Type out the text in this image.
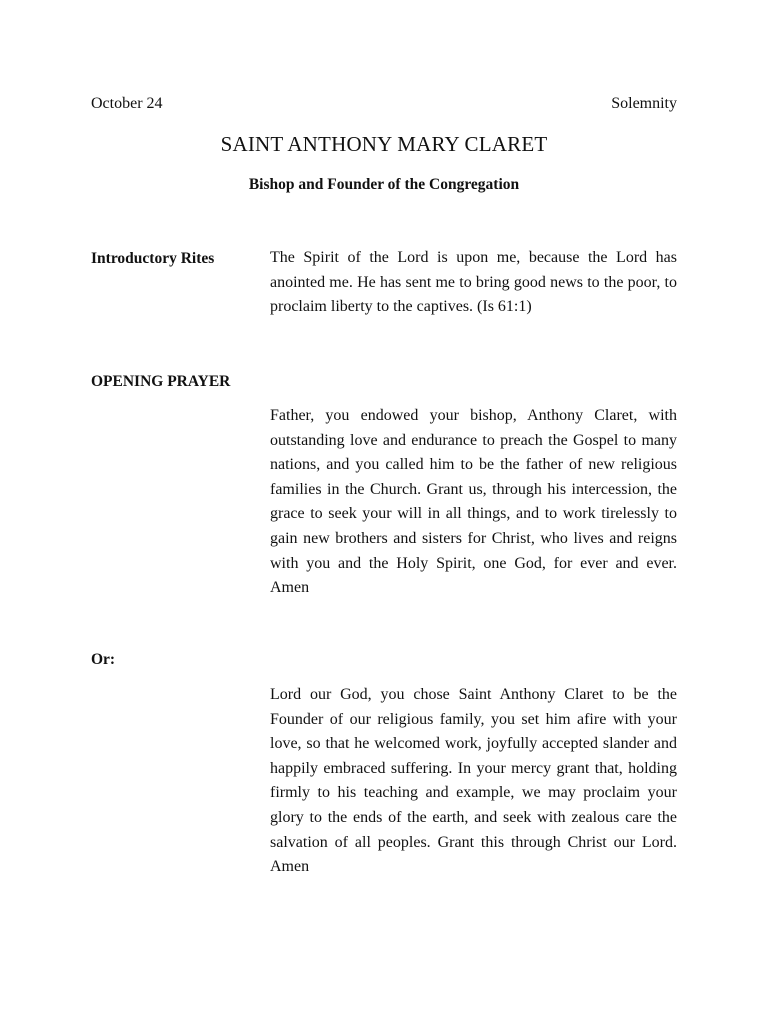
October 24	Solemnity
SAINT ANTHONY MARY CLARET
Bishop and Founder of the Congregation
Introductory Rites	The Spirit of the Lord is upon me, because the Lord has anointed me. He has sent me to bring good news to the poor, to proclaim liberty to the captives. (Is 61:1)

OPENING PRAYER

Father, you endowed your bishop, Anthony Claret, with outstanding love and endurance to preach the Gospel to many nations, and you called him to be the father of new religious families in the Church. Grant us, through his intercession, the grace to seek your will in all things, and to work tirelessly to gain new brothers and sisters for Christ, who lives and reigns with you and the Holy Spirit, one God, for ever and ever. Amen

Or:

Lord our God, you chose Saint Anthony Claret to be the Founder of our religious family, you set him afire with your love, so that he welcomed work, joyfully accepted slander and happily embraced suffering. In your mercy grant that, holding firmly to his teaching and example, we may proclaim your glory to the ends of the earth, and seek with zealous care the salvation of all peoples. Grant this through Christ our Lord. Amen
